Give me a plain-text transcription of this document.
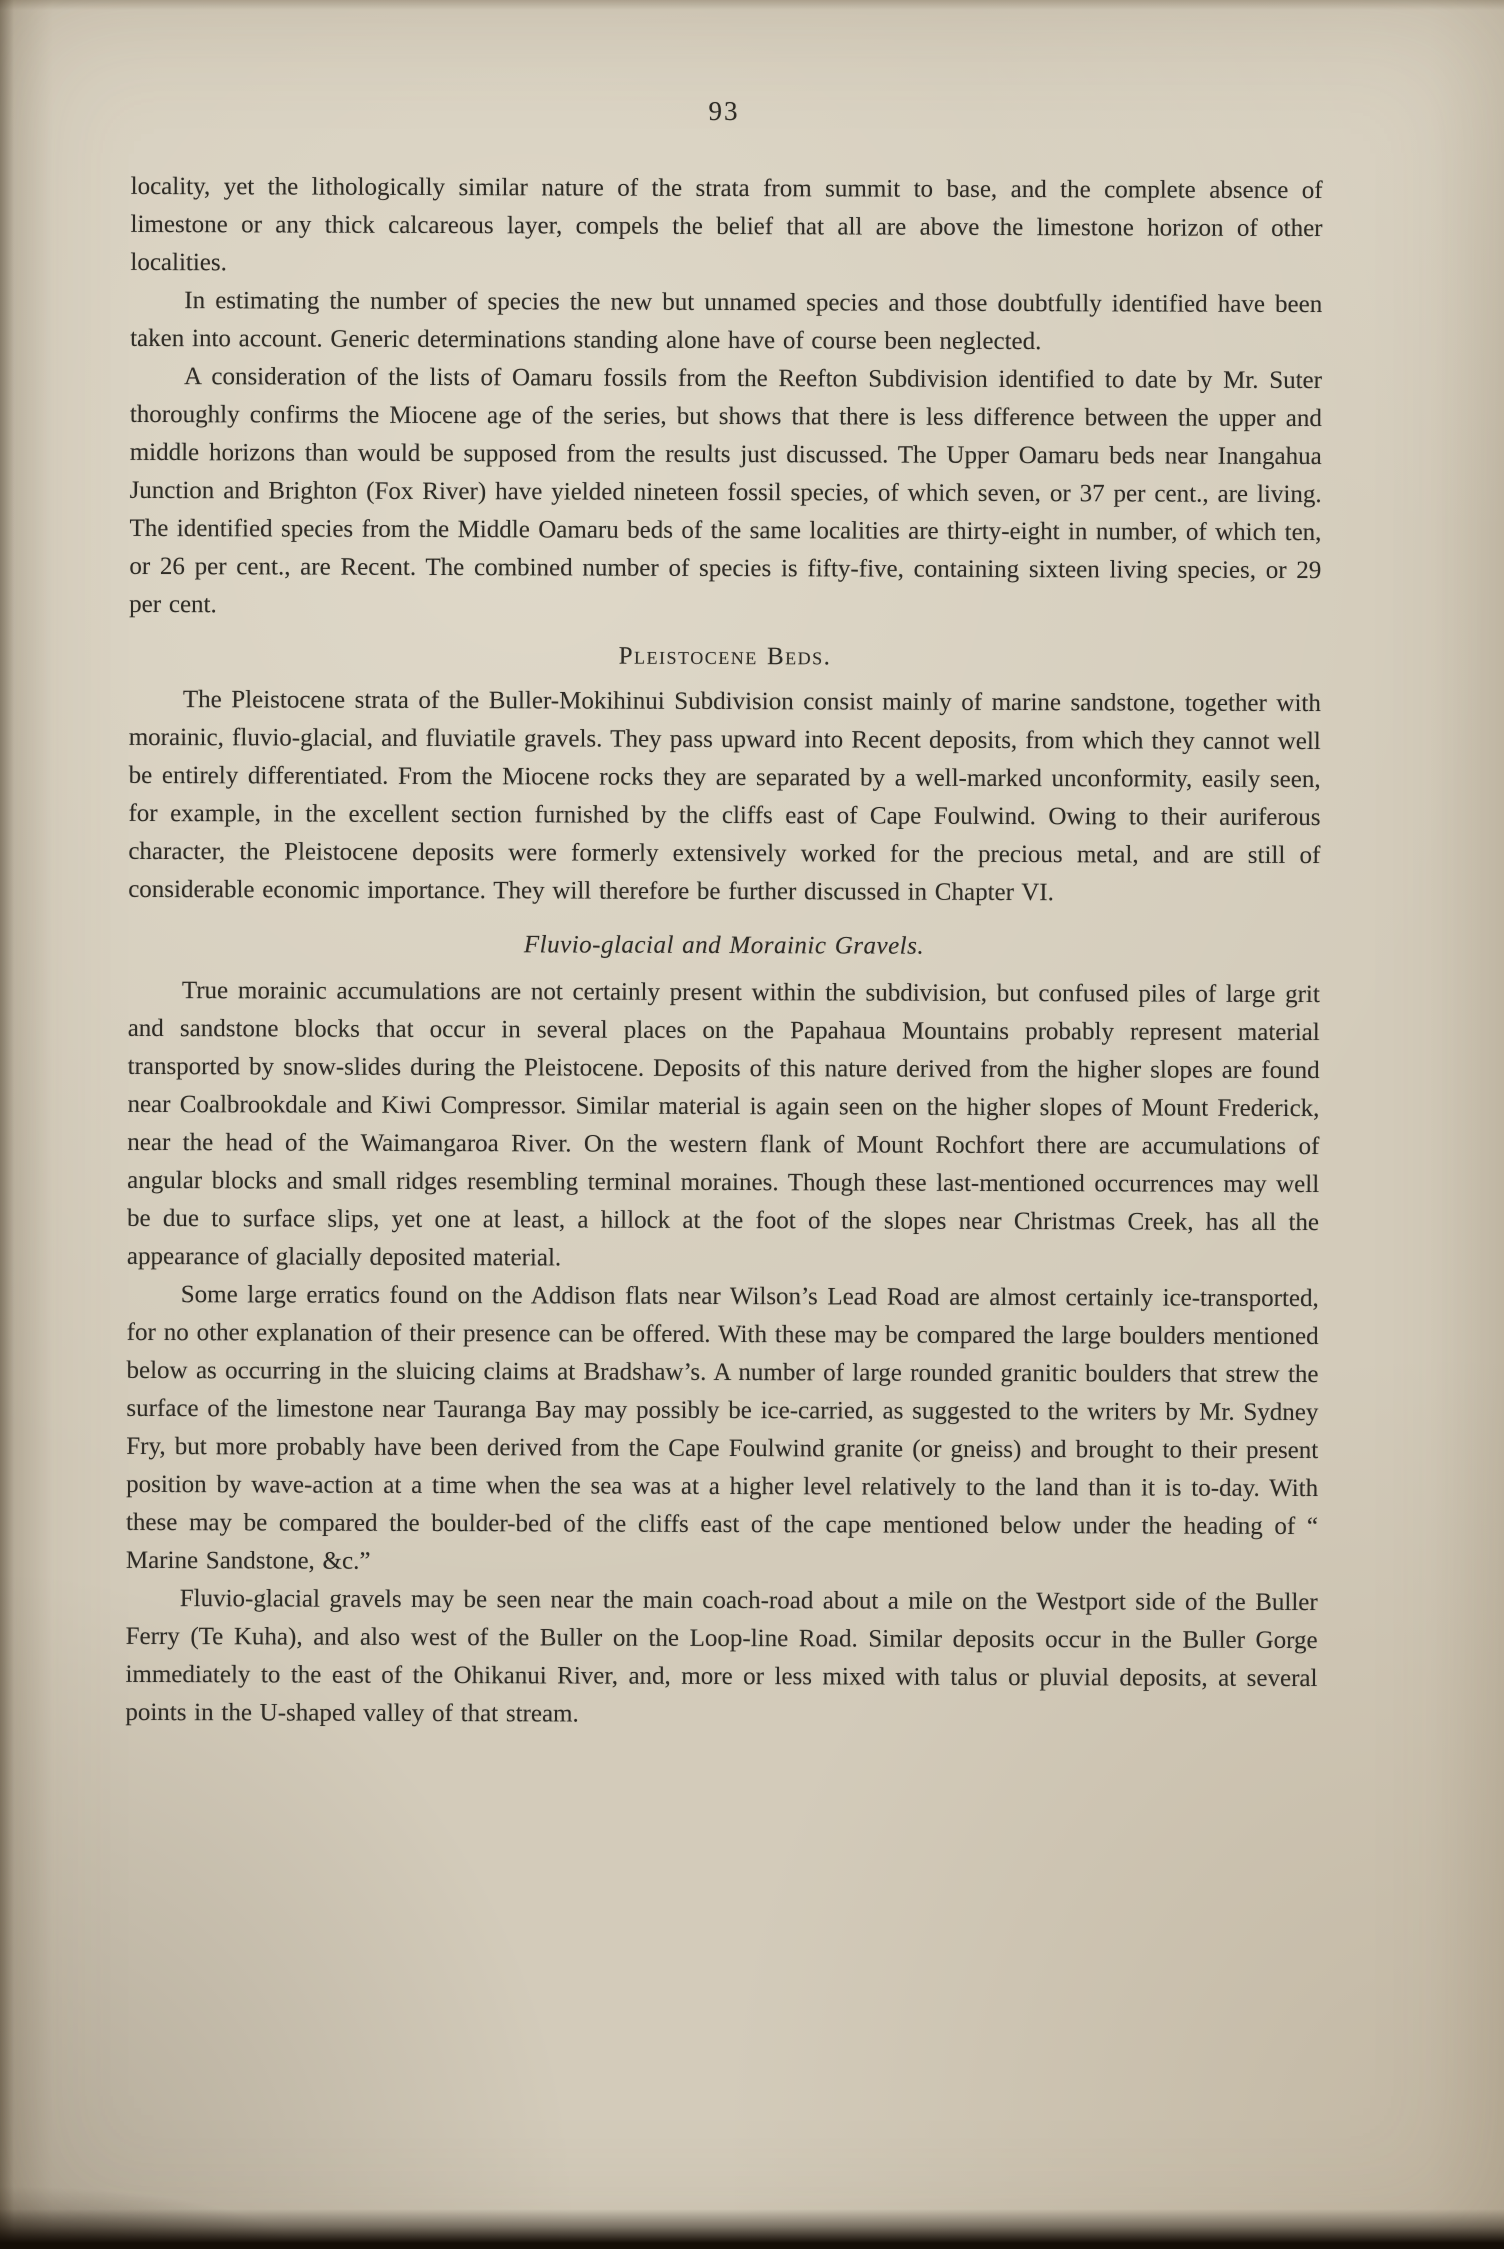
93

locality, yet the lithologically similar nature of the strata from summit to base, and the complete absence of limestone or any thick calcareous layer, compels the belief that all are above the limestone horizon of other localities.

In estimating the number of species the new but unnamed species and those doubtfully identified have been taken into account. Generic determinations standing alone have of course been neglected.

A consideration of the lists of Oamaru fossils from the Reefton Subdivision identified to date by Mr. Suter thoroughly confirms the Miocene age of the series, but shows that there is less difference between the upper and middle horizons than would be supposed from the results just discussed. The Upper Oamaru beds near Inangahua Junction and Brighton (Fox River) have yielded nineteen fossil species, of which seven, or 37 per cent., are living. The identified species from the Middle Oamaru beds of the same localities are thirty-eight in number, of which ten, or 26 per cent., are Recent. The combined number of species is fifty-five, containing sixteen living species, or 29 per cent.

Pleistocene Beds.

The Pleistocene strata of the Buller-Mokihinui Subdivision consist mainly of marine sandstone, together with morainic, fluvio-glacial, and fluviatile gravels. They pass upward into Recent deposits, from which they cannot well be entirely differentiated. From the Miocene rocks they are separated by a well-marked unconformity, easily seen, for example, in the excellent section furnished by the cliffs east of Cape Foulwind. Owing to their auriferous character, the Pleistocene deposits were formerly extensively worked for the precious metal, and are still of considerable economic importance. They will therefore be further discussed in Chapter VI.

Fluvio-glacial and Morainic Gravels.

True morainic accumulations are not certainly present within the subdivision, but confused piles of large grit and sandstone blocks that occur in several places on the Papahaua Mountains probably represent material transported by snow-slides during the Pleistocene. Deposits of this nature derived from the higher slopes are found near Coalbrookdale and Kiwi Compressor. Similar material is again seen on the higher slopes of Mount Frederick, near the head of the Waimangaroa River. On the western flank of Mount Rochfort there are accumulations of angular blocks and small ridges resembling terminal moraines. Though these last-mentioned occurrences may well be due to surface slips, yet one at least, a hillock at the foot of the slopes near Christmas Creek, has all the appearance of glacially deposited material.

Some large erratics found on the Addison flats near Wilson’s Lead Road are almost certainly ice-transported, for no other explanation of their presence can be offered. With these may be compared the large boulders mentioned below as occurring in the sluicing claims at Bradshaw’s. A number of large rounded granitic boulders that strew the surface of the limestone near Tauranga Bay may possibly be ice-carried, as suggested to the writers by Mr. Sydney Fry, but more probably have been derived from the Cape Foulwind granite (or gneiss) and brought to their present position by wave-action at a time when the sea was at a higher level relatively to the land than it is to-day. With these may be compared the boulder-bed of the cliffs east of the cape mentioned below under the heading of “ Marine Sandstone, &c.”

Fluvio-glacial gravels may be seen near the main coach-road about a mile on the Westport side of the Buller Ferry (Te Kuha), and also west of the Buller on the Loop-line Road. Similar deposits occur in the Buller Gorge immediately to the east of the Ohikanui River, and, more or less mixed with talus or pluvial deposits, at several points in the U-shaped valley of that stream.
